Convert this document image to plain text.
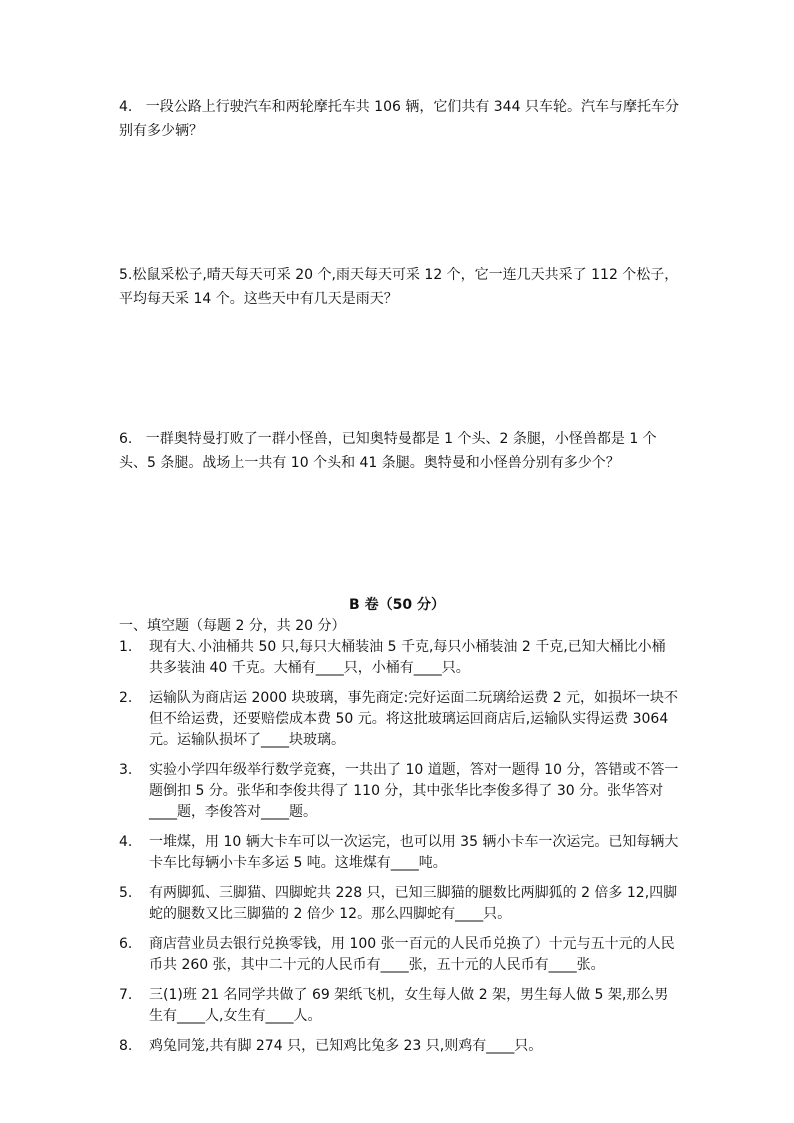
4.   一段公路上行驶汽车和两轮摩托车共 106 辆，它们共有 344 只车轮。汽车与摩托车分别有多少辆？

5.松鼠采松子,晴天每天可采 20 个,雨天每天可采 12 个，它一连几天共采了 112 个松子，平均每天采 14 个。这些天中有几天是雨天？

6.   一群奥特曼打败了一群小怪兽，已知奥特曼都是 1 个头、2 条腿，小怪兽都是 1 个头、5 条腿。战场上一共有 10 个头和 41 条腿。奥特曼和小怪兽分别有多少个？

B 卷（50 分）
一、填空题（每题 2 分，共 20 分）
1. 现有大､小油桶共 50 只,每只大桶装油 5 千克,每只小桶装油 2 千克,已知大桶比小桶共多装油 40 千克。大桶有____只，小桶有____只。
2. 运输队为商店运 2000 块玻璃，事先商定:完好运面二玩璃给运费 2 元，如损坏一块不但不给运费，还要赔偿成本费 50 元。将这批玻璃运回商店后,运输队实得运费 3064 元。运输队损坏了____块玻璃。
3. 实验小学四年级举行数学竞赛，一共出了 10 道题，答对一题得 10 分，答错或不答一题倒扣 5 分。张华和李俊共得了 110 分，其中张华比李俊多得了 30 分。张华答对____题，李俊答对____题。
4. 一堆煤，用 10 辆大卡车可以一次运完，也可以用 35 辆小卡车一次运完。已知每辆大卡车比每辆小卡车多运 5 吨。这堆煤有____吨。
5. 有两脚狐、三脚猫、四脚蛇共 228 只，已知三脚猫的腿数比两脚狐的 2 倍多 12,四脚蛇的腿数又比三脚猫的 2 倍少 12。那么四脚蛇有____只。
6. 商店营业员去银行兑换零钱，用 100 张一百元的人民币兑换了）十元与五十元的人民币共 260 张，其中二十元的人民币有____张，五十元的人民币有____张。
7. 三(1)班 21 名同学共做了 69 架纸飞机，女生每人做 2 架，男生每人做 5 架,那么男生有____人,女生有____人。
8. 鸡兔同笼,共有脚 274 只，已知鸡比兔多 23 只,则鸡有____只。
